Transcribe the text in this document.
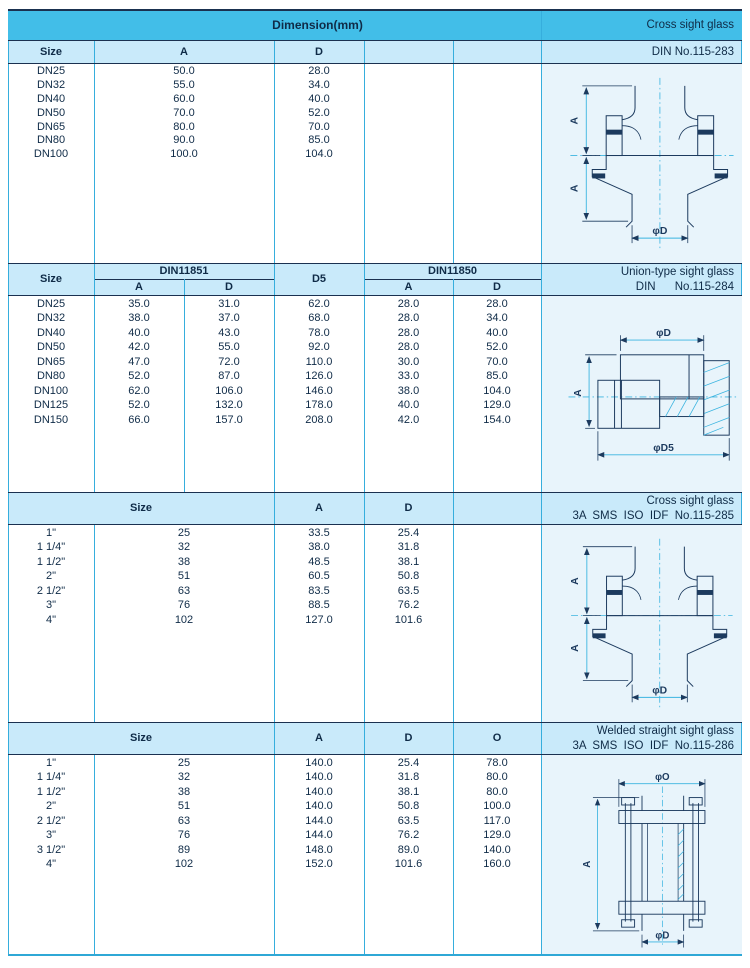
Dimension(mm)	Cross sight glass
Size	A	D	DIN No.115-283
DN25	50.0	28.0
DN32	55.0	34.0
DN40	60.0	40.0
DN50	70.0	52.0
DN65	80.0	70.0
DN80	90.0	85.0
DN100	100.0	104.0
A
A
φD
Size
DIN11851
A	D
D5
DIN11850
A	D
Union-type sight glass
DIN      No.115-284
DN25	35.0	31.0	62.0	28.0	28.0
DN32	38.0	37.0	68.0	28.0	34.0
DN40	40.0	43.0	78.0	28.0	40.0
DN50	42.0	55.0	92.0	28.0	52.0
DN65	47.0	72.0	110.0	30.0	70.0
DN80	52.0	87.0	126.0	33.0	85.0
DN100	62.0	106.0	146.0	38.0	104.0
DN125	52.0	132.0	178.0	40.0	129.0
DN150	66.0	157.0	208.0	42.0	154.0
φD
A
φD5
Size	A	D
Cross sight glass
3A  SMS  ISO  IDF  No.115-285
1"	25	33.5	25.4
1 1/4"	32	38.0	31.8
1 1/2"	38	48.5	38.1
2"	51	60.5	50.8
2 1/2"	63	83.5	63.5
3"	76	88.5	76.2
4"	102	127.0	101.6
A
A
φD
Size	A	D	O
Welded straight sight glass
3A  SMS  ISO  IDF  No.115-286
1"	25	140.0	25.4	78.0
1 1/4"	32	140.0	31.8	80.0
1 1/2"	38	140.0	38.1	80.0
2"	51	140.0	50.8	100.0
2 1/2"	63	144.0	63.5	117.0
3"	76	144.0	76.2	129.0
3 1/2"	89	148.0	89.0	140.0
4"	102	152.0	101.6	160.0
φO
A
φD
